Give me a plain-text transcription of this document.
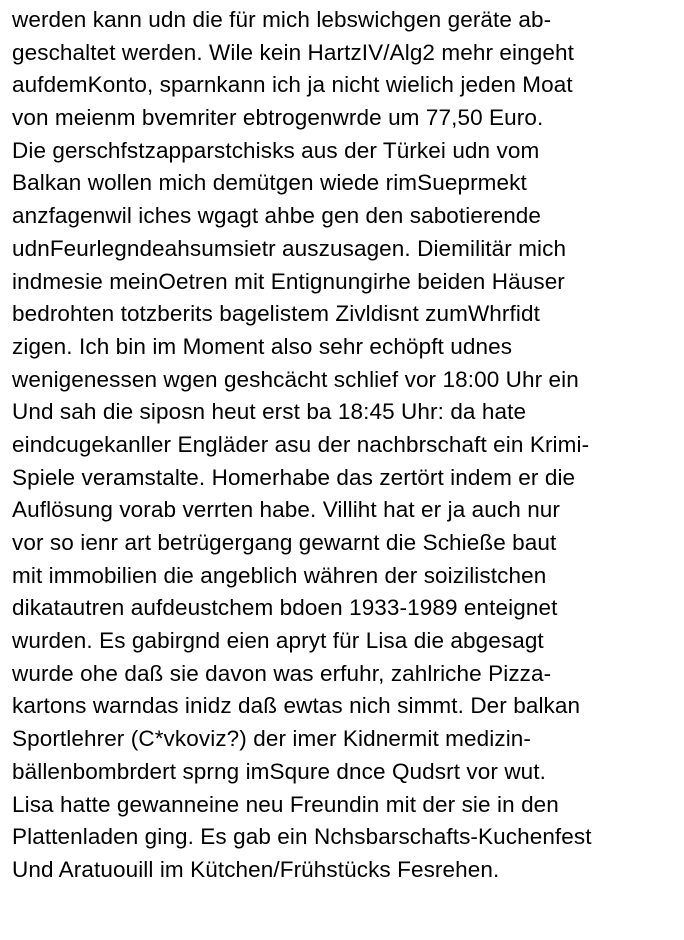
werden kann udn die für mich lebswichgen geräte ab-
geschaltet werden. Wile kein HartzIV/Alg2 mehr eingeht
aufdemKonto, sparnkann ich ja nicht wielich jeden Moat
von meienm bvemriter ebtrogenwrde um 77,50 Euro.
Die gerschfstzapparstchisks aus der Türkei udn vom
Balkan wollen mich demütgen wiede rimSueprmekt
anzfagenwil iches wgagt ahbe gen den sabotierende
udnFeurlegndeahsumsietr auszusagen. Diemilitär mich
indmesie meinOetren mit Entignungirhe beiden Häuser
bedrohten totzberits bagelistem Zivldisnt zumWhrfidt
zigen. Ich bin im Moment also sehr echöpft udnes
wenigenessen wgen geshcächt schlief vor 18:00 Uhr ein
Und sah die siposn heut erst ba 18:45 Uhr: da hate
eindcugekanller Engläder asu der nachbrschaft ein Krimi-
Spiele veramstalte. Homerhabe das zertört indem er die
Auflösung vorab verrten habe. Villiht hat er ja auch nur
vor so ienr art betrügergang gewarnt die Schieße baut
mit immobilien die angeblich währen der soizilistchen
dikatautren aufdeustchem bdoen 1933-1989 enteignet
wurden. Es gabirgnd eien apryt für Lisa die abgesagt
wurde ohe daß sie davon was erfuhr, zahlriche Pizza-
kartons warndas inidz daß ewtas nich simmt. Der balkan
Sportlehrer (C*vkoviz?) der imer Kidnermit medizin-
bällenbombrdert sprng imSqure dnce Qudsrt vor wut.
Lisa hatte gewanneine neu Freundin mit der sie in den
Plattenladen ging. Es gab ein Nchsbarschafts-Kuchenfest
Und Aratuouill im Kütchen/Frühstücks Fesrehen.
